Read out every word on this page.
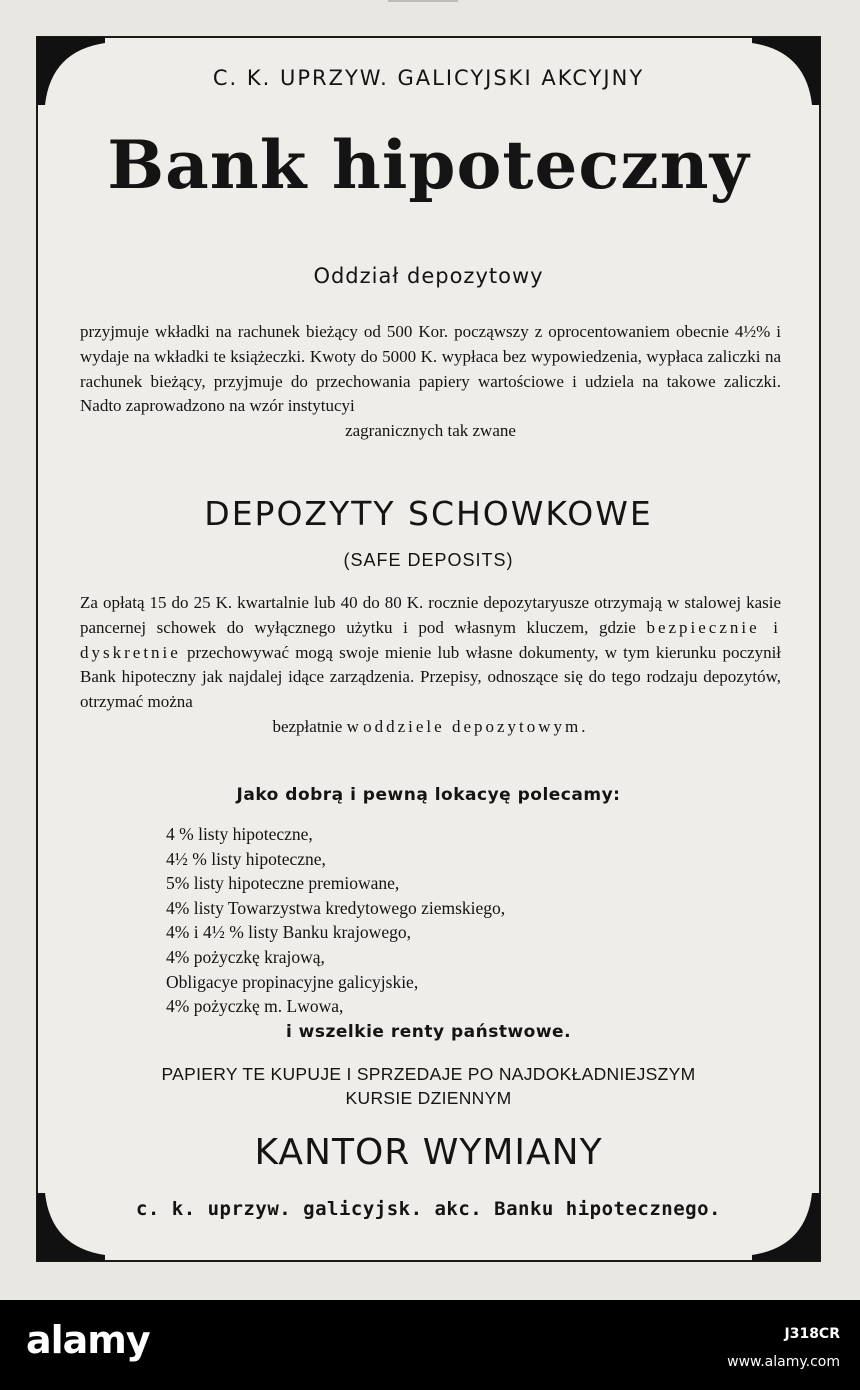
C. K. UPRZYW. GALICYJSKI AKCYJNY
Bank hipoteczny
Oddział depozytowy
przyjmuje wkładki na rachunek bieżący od 500 Kor. począwszy z oprocentowaniem obecnie 4½% i wydaje na wkładki te książeczki. Kwoty do 5000 K. wypłaca bez wypowiedzenia, wypłaca zaliczki na rachunek bieżący, przyjmuje do przechowania papiery wartościowe i udziela na takowe zaliczki. Nadto zaprowadzono na wzór instytucyi
zagranicznych tak zwane
DEPOZYTY SCHOWKOWE
(SAFE DEPOSITS)
Za opłatą 15 do 25 K. kwartalnie lub 40 do 80 K. rocznie depozytaryusze otrzymają w stalowej kasie pancernej schowek do wyłącznego użytku i pod własnym kluczem, gdzie bezpiecznie i dyskretnie przechowywać mogą swoje mienie lub własne dokumenty, w tym kierunku poczynił Bank hipoteczny jak najdalej idące zarządzenia. Przepisy, odnoszące się do tego rodzaju depozytów, otrzymać można
bezpłatnie w oddziele depozytowym.
Jako dobrą i pewną lokacyę polecamy:
4 % listy hipoteczne,
4½ % listy hipoteczne,
5% listy hipoteczne premiowane,
4% listy Towarzystwa kredytowego ziemskiego,
4% i 4½ % listy Banku krajowego,
4% pożyczkę krajową,
Obligacye propinacyjne galicyjskie,
4% pożyczkę m. Lwowa,
i wszelkie renty państwowe.
PAPIERY TE KUPUJE I SPRZEDAJE PO NAJDOKŁADNIEJSZYM
KURSIE DZIENNYM
KANTOR WYMIANY
c. k. uprzyw. galicyjsk. akc. Banku hipotecznego.
alamy	J318CR
www.alamy.com
